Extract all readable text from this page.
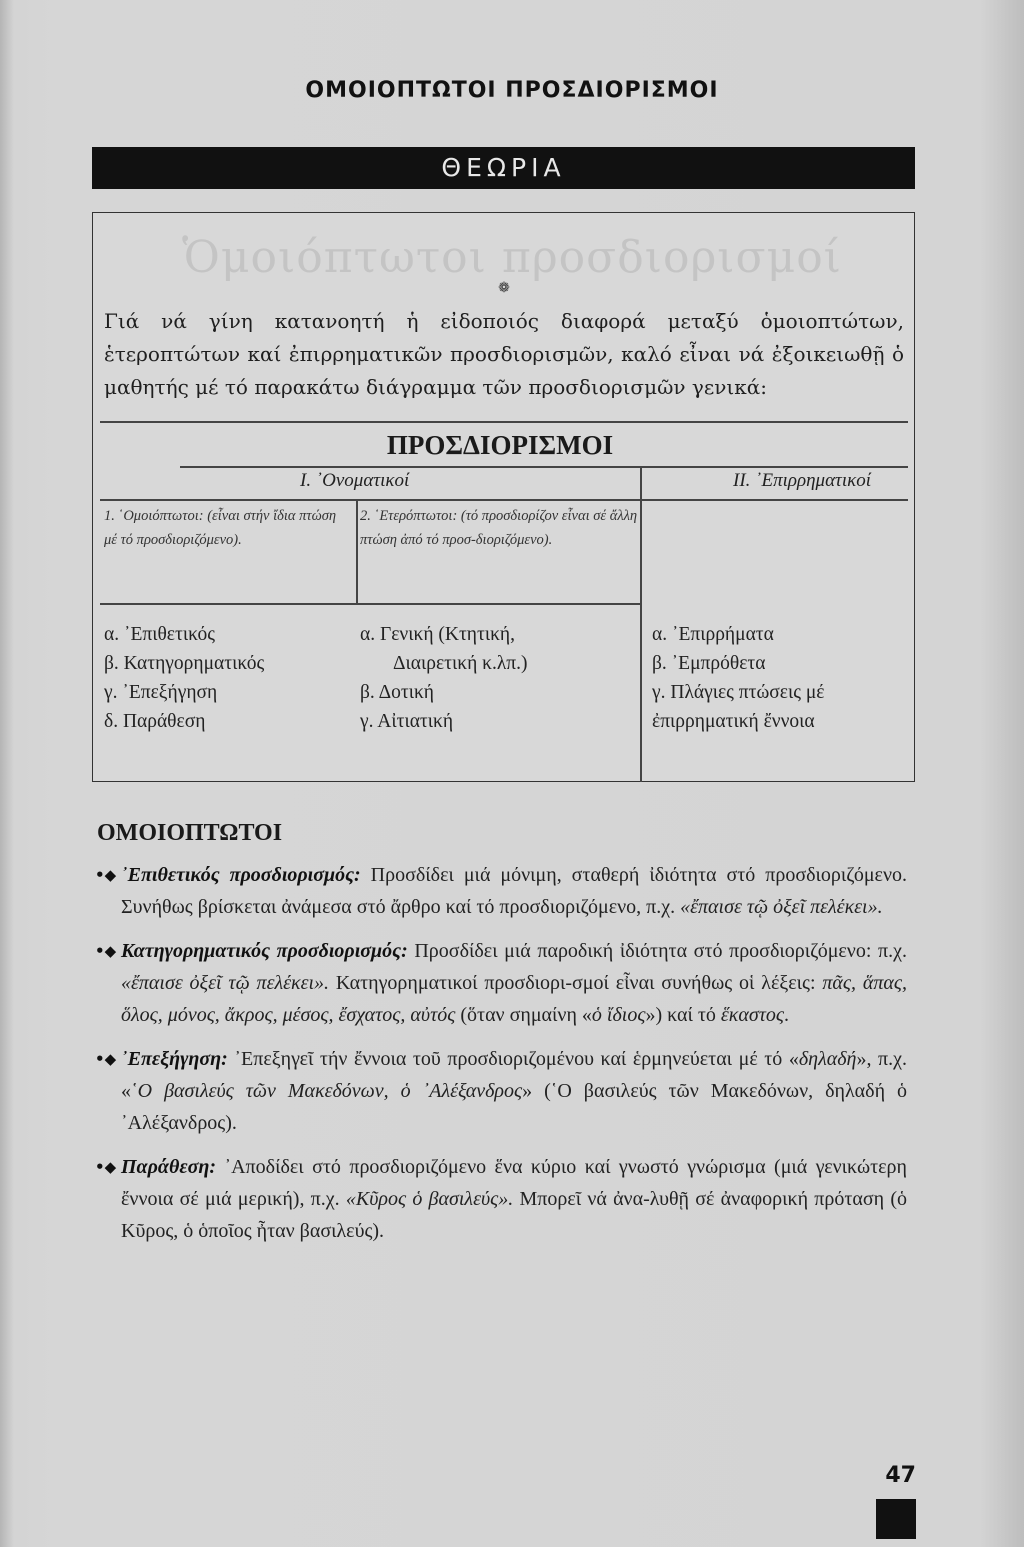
ΟΜΟΙΟΠΤΩΤΟΙ ΠΡΟΣΔΙΟΡΙΣΜΟΙ
ΘΕΩΡΙΑ
Ὁμοιόπτωτοι προσδιορισμοί
❁

Γιά νά γίνη κατανοητή ἡ εἰδοποιός διαφορά μεταξύ ὁμοιοπτώτων, ἑτεροπτώτων καί ἐπιρρηματικῶν προσδιορισμῶν, καλό εἶναι νά ἐξοικειωθῇ ὁ μαθητής μέ τό παρακάτω διάγραμμα τῶν προσδιορισμῶν γενικά:

ΠΡΟΣΔΙΟΡΙΣΜΟΙ
Ι. ᾿Ονοματικοί	ΙΙ. ᾿Επιρρηματικοί
1. ῾Ομοιόπτωτοι: (εἶναι στήν ἴδια πτώση μέ τό προσδιοριζόμενο).
2. ῾Ετερόπτωτοι: (τό προσδιορίζον εἶναι σέ ἄλλη πτώση ἀπό τό προσ-διοριζόμενο).
α. ᾿Επιθετικός
β. Κατηγορηματικός
γ. ᾿Επεξήγηση
δ. Παράθεση
α. Γενική (Κτητική,
Διαιρετική κ.λπ.)
β. Δοτική
γ. Αἰτιατική
α. ᾿Επιρρήματα
β. ᾿Εμπρόθετα
γ. Πλάγιες πτώσεις μέ
ἐπιρρηματική ἔννοια
ΟΜΟΙΟΠΤΩΤΟΙ

•◆ ᾿Επιθετικός προσδιορισμός: Προσδίδει μιά μόνιμη, σταθερή ἰδιότητα στό προσδιοριζόμενο. Συνήθως βρίσκεται ἀνάμεσα στό ἄρθρο καί τό προσδιοριζόμενο, π.χ. «ἔπαισε τῷ ὀξεῖ πελέκει».

•◆ Κατηγορηματικός προσδιορισμός: Προσδίδει μιά παροδική ἰδιότητα στό προσδιοριζόμενο: π.χ. «ἔπαισε ὀξεῖ τῷ πελέκει». Κατηγορηματικοί προσδιορι-σμοί εἶναι συνήθως οἱ λέξεις: πᾶς, ἅπας, ὅλος, μόνος, ἄκρος, μέσος, ἔσχατος, αὐτός (ὅταν σημαίνη «ὁ ἴδιος») καί τό ἕκαστος.

•◆ ᾿Επεξήγηση: ᾿Επεξηγεῖ τήν ἔννοια τοῦ προσδιοριζομένου καί ἑρμηνεύεται μέ τό «δηλαδή», π.χ. «῾Ο βασιλεύς τῶν Μακεδόνων, ὁ ᾿Αλέξανδρος» (῾Ο βασιλεύς τῶν Μακεδόνων, δηλαδή ὁ ᾿Αλέξανδρος).

•◆ Παράθεση: ᾿Αποδίδει στό προσδιοριζόμενο ἕνα κύριο καί γνωστό γνώρισμα (μιά γενικώτερη ἔννοια σέ μιά μερική), π.χ. «Κῦρος ὁ βασιλεύς». Μπορεῖ νά ἀνα-λυθῇ σέ ἀναφορική πρόταση (ὁ Κῦρος, ὁ ὁποῖος ἦταν βασιλεύς).

47
